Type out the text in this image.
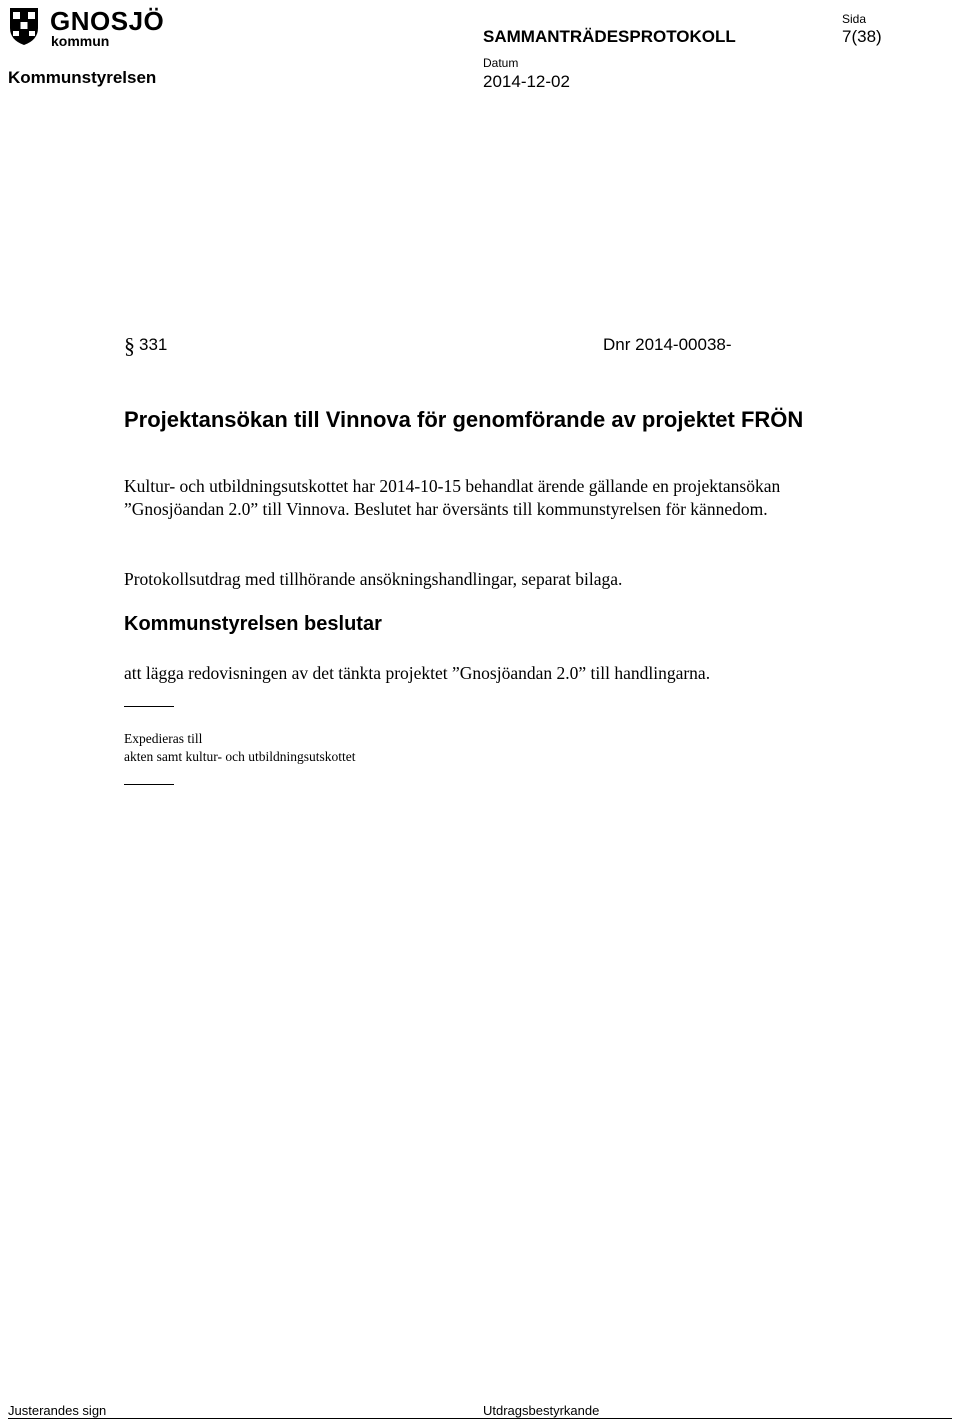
GNOSJÖ
kommun
Kommunstyrelsen
SAMMANTRÄDESPROTOKOLL
Datum
2014-12-02
Sida
7(38)
§ 331	Dnr 2014-00038-
Projektansökan till Vinnova för genomförande av projektet FRÖN
Kultur- och utbildningsutskottet har 2014-10-15 behandlat ärende gällande en projektansökan ”Gnosjöandan 2.0” till Vinnova. Beslutet har översänts till kommunstyrelsen för kännedom.
Protokollsutdrag med tillhörande ansökningshandlingar, separat bilaga.
Kommunstyrelsen beslutar
att lägga redovisningen av det tänkta projektet ”Gnosjöandan 2.0” till handlingarna.
Expedieras till
akten samt kultur- och utbildningsutskottet
Justerandes sign	Utdragsbestyrkande
